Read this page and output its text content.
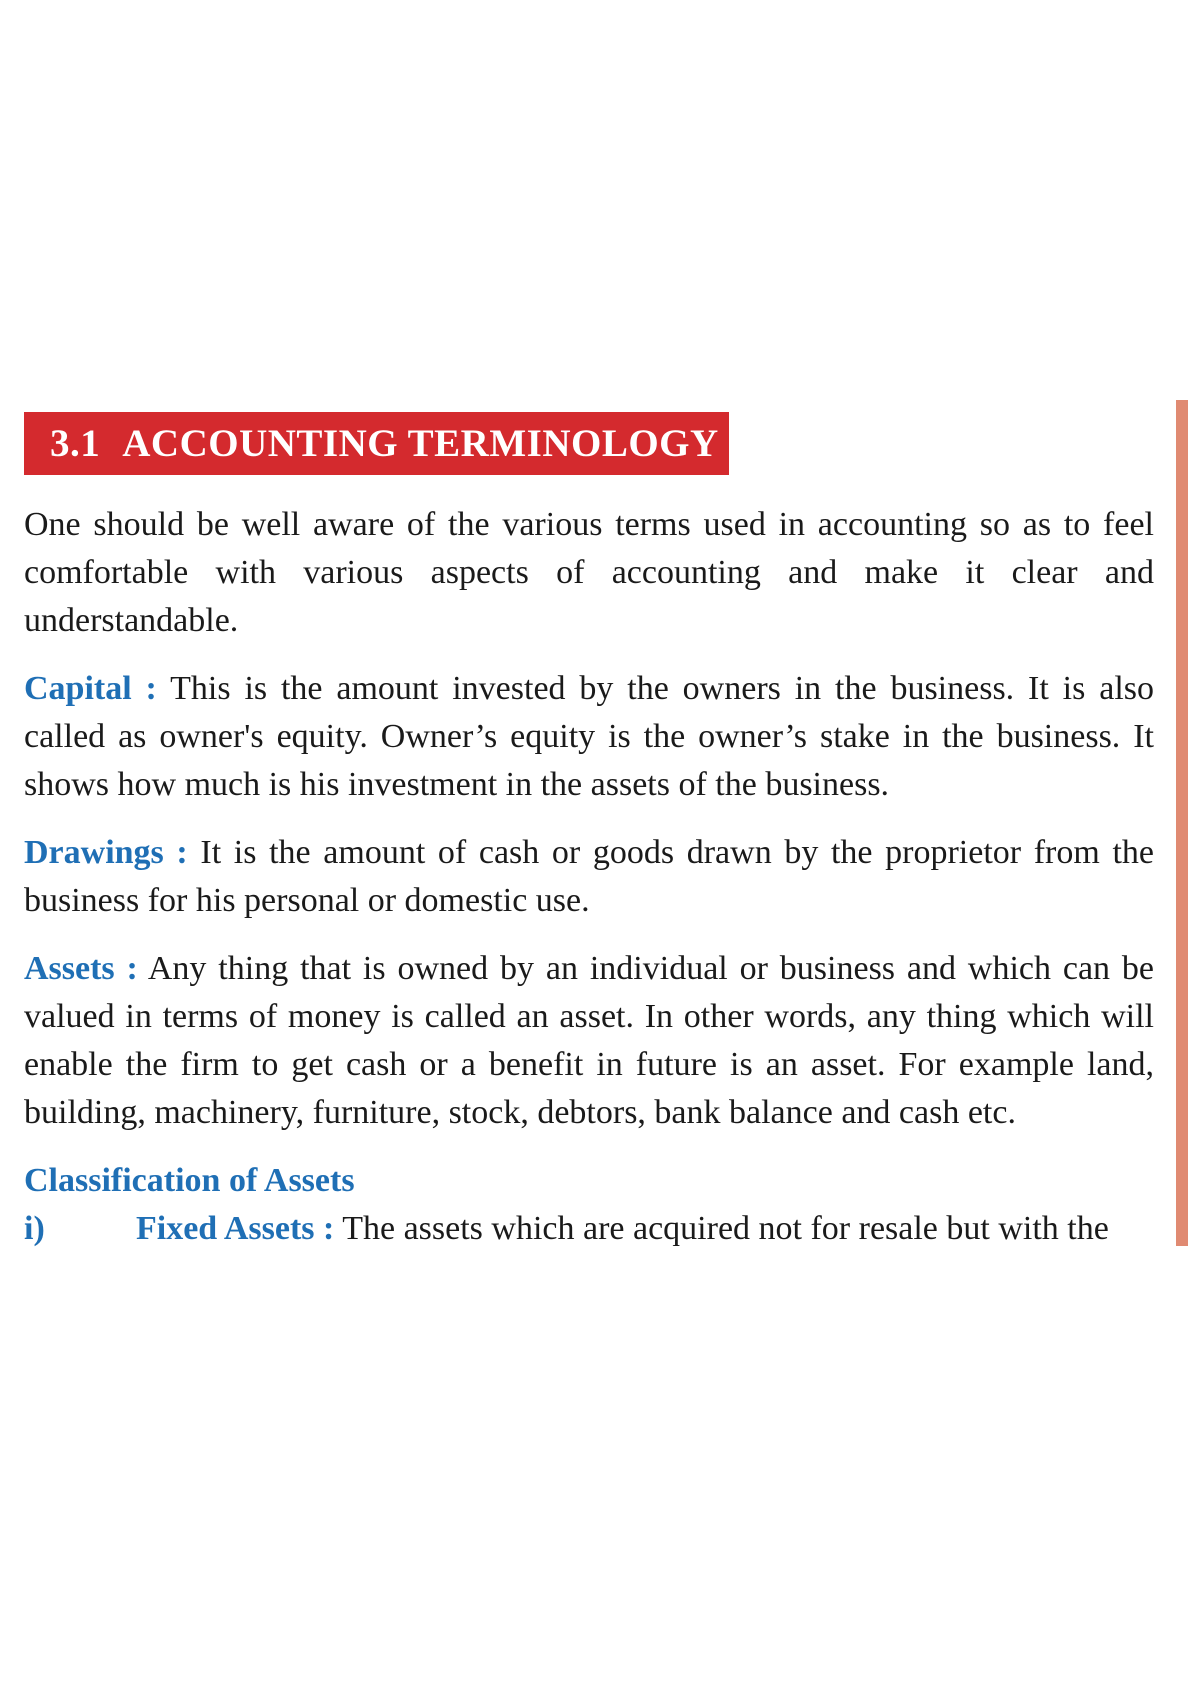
3.1 ACCOUNTING TERMINOLOGY

One should be well aware of the various terms used in accounting so as to feel comfortable with various aspects of accounting and make it clear and understandable.

Capital : This is the amount invested by the owners in the business. It is also called as owner's equity. Owner’s equity is the owner’s stake in the business. It shows how much is his investment in the assets of the business.

Drawings : It is the amount of cash or goods drawn by the proprietor from the business for his personal or domestic use.

Assets : Any thing that is owned by an individual or business and which can be valued in terms of money is called an asset. In other words, any thing which will enable the firm to get cash or a benefit in future is an asset. For example land, building, machinery, furniture, stock, debtors, bank balance and cash etc.

Classification of Assets
i)	Fixed Assets : The assets which are acquired not for resale but with the
